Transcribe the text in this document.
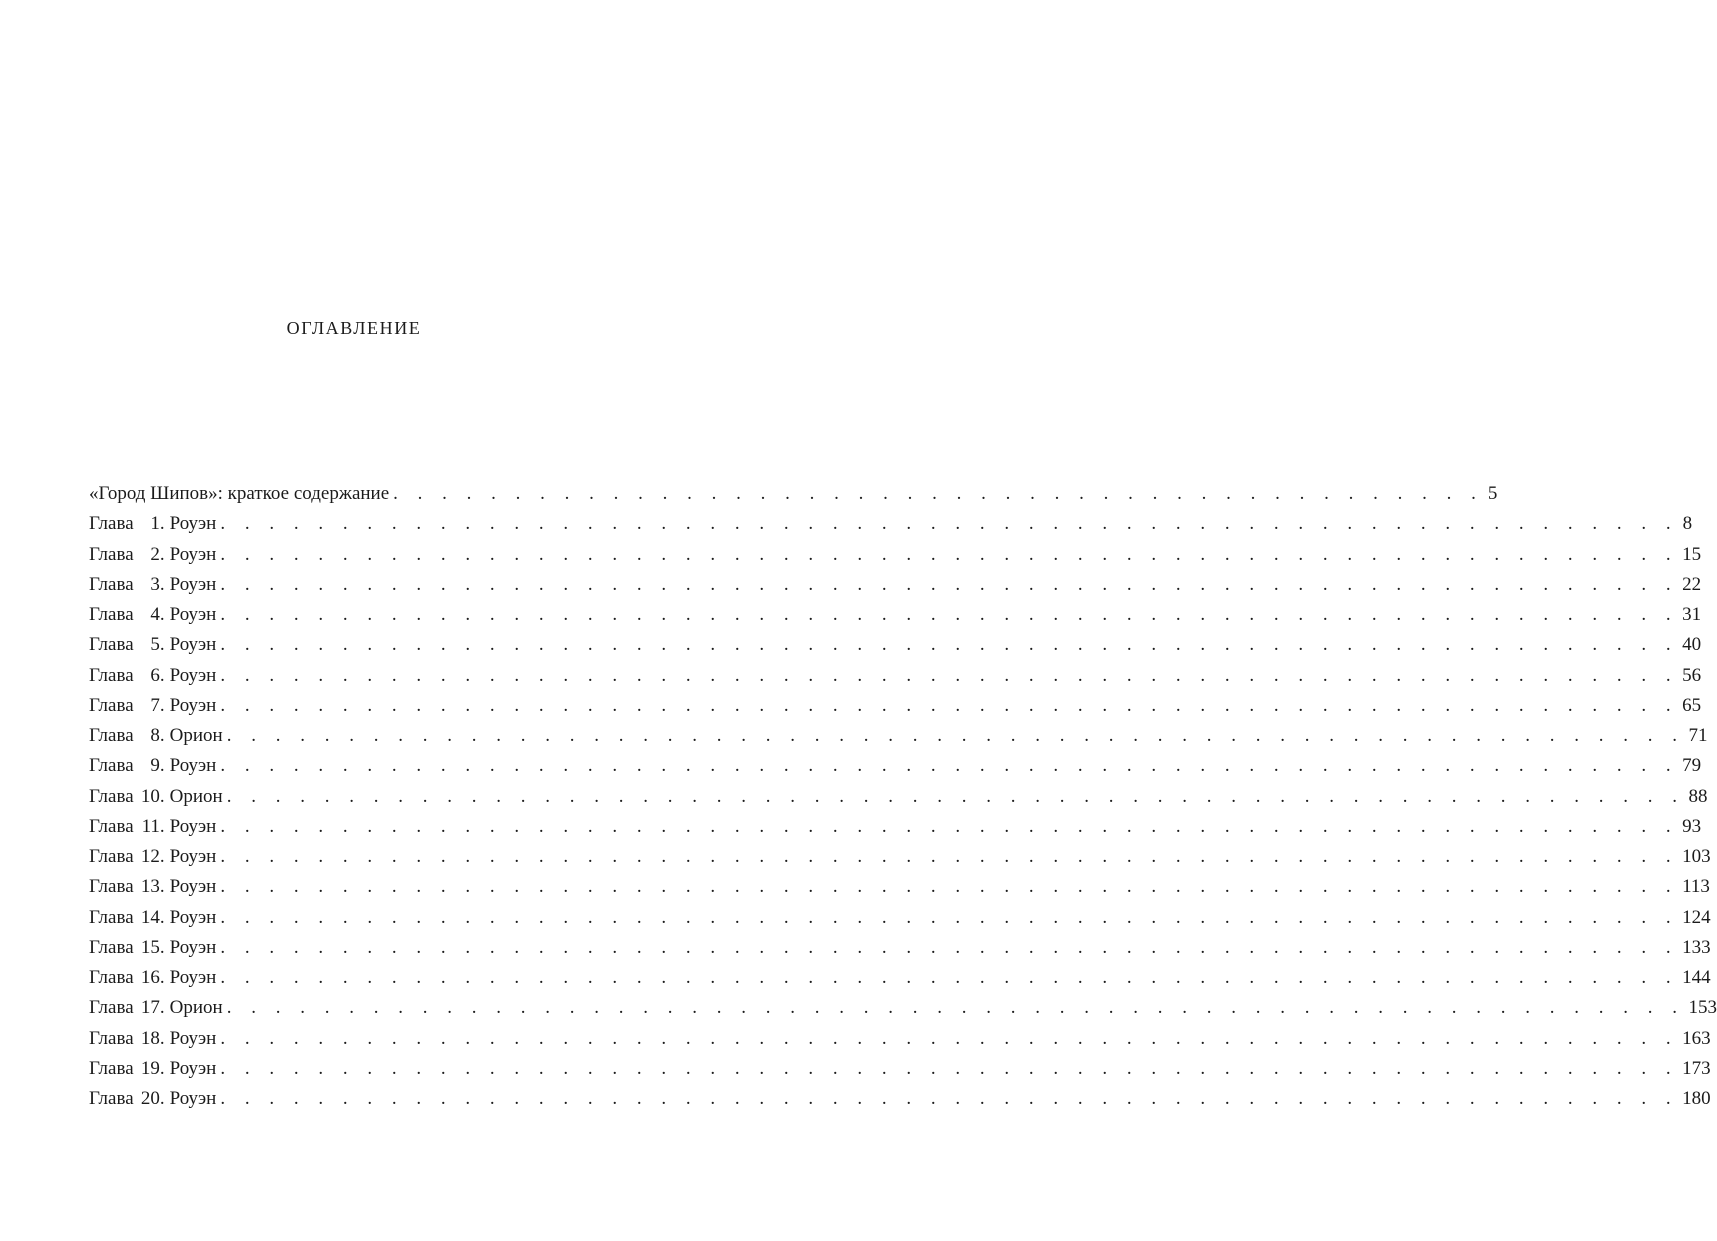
ОГЛАВЛЕНИЕ
«Город Шипов»: краткое содержание . . . . . . . . . . . . . . . . . . . . . . . . . . . . . . . . . . . . . . . . . . . . . 5
Глава 1. Роуэн . . . . . . . . . . . . . . . . . . . . . . . . . . . . . . . . . . . . . . . . . . . . . . . . . . . . . . . . . . . . 8
Глава 2. Роуэн . . . . . . . . . . . . . . . . . . . . . . . . . . . . . . . . . . . . . . . . . . . . . . . . . . . . . . . . . . . . 15
Глава 3. Роуэн . . . . . . . . . . . . . . . . . . . . . . . . . . . . . . . . . . . . . . . . . . . . . . . . . . . . . . . . . . . . 22
Глава 4. Роуэн . . . . . . . . . . . . . . . . . . . . . . . . . . . . . . . . . . . . . . . . . . . . . . . . . . . . . . . . . . . . 31
Глава 5. Роуэн . . . . . . . . . . . . . . . . . . . . . . . . . . . . . . . . . . . . . . . . . . . . . . . . . . . . . . . . . . . . 40
Глава 6. Роуэн . . . . . . . . . . . . . . . . . . . . . . . . . . . . . . . . . . . . . . . . . . . . . . . . . . . . . . . . . . . . 56
Глава 7. Роуэн . . . . . . . . . . . . . . . . . . . . . . . . . . . . . . . . . . . . . . . . . . . . . . . . . . . . . . . . . . . . 65
Глава 8. Орион . . . . . . . . . . . . . . . . . . . . . . . . . . . . . . . . . . . . . . . . . . . . . . . . . . . . . . . . . . . . 71
Глава 9. Роуэн . . . . . . . . . . . . . . . . . . . . . . . . . . . . . . . . . . . . . . . . . . . . . . . . . . . . . . . . . . . . 79
Глава 10. Орион . . . . . . . . . . . . . . . . . . . . . . . . . . . . . . . . . . . . . . . . . . . . . . . . . . . . . . . . . . . . 88
Глава 11. Роуэн . . . . . . . . . . . . . . . . . . . . . . . . . . . . . . . . . . . . . . . . . . . . . . . . . . . . . . . . . . . . 93
Глава 12. Роуэн . . . . . . . . . . . . . . . . . . . . . . . . . . . . . . . . . . . . . . . . . . . . . . . . . . . . . . . . . . . . 103
Глава 13. Роуэн . . . . . . . . . . . . . . . . . . . . . . . . . . . . . . . . . . . . . . . . . . . . . . . . . . . . . . . . . . . . 113
Глава 14. Роуэн . . . . . . . . . . . . . . . . . . . . . . . . . . . . . . . . . . . . . . . . . . . . . . . . . . . . . . . . . . . . 124
Глава 15. Роуэн . . . . . . . . . . . . . . . . . . . . . . . . . . . . . . . . . . . . . . . . . . . . . . . . . . . . . . . . . . . . 133
Глава 16. Роуэн . . . . . . . . . . . . . . . . . . . . . . . . . . . . . . . . . . . . . . . . . . . . . . . . . . . . . . . . . . . . 144
Глава 17. Орион . . . . . . . . . . . . . . . . . . . . . . . . . . . . . . . . . . . . . . . . . . . . . . . . . . . . . . . . . . . . 153
Глава 18. Роуэн . . . . . . . . . . . . . . . . . . . . . . . . . . . . . . . . . . . . . . . . . . . . . . . . . . . . . . . . . . . . 163
Глава 19. Роуэн . . . . . . . . . . . . . . . . . . . . . . . . . . . . . . . . . . . . . . . . . . . . . . . . . . . . . . . . . . . . 173
Глава 20. Роуэн . . . . . . . . . . . . . . . . . . . . . . . . . . . . . . . . . . . . . . . . . . . . . . . . . . . . . . . . . . . . 180
